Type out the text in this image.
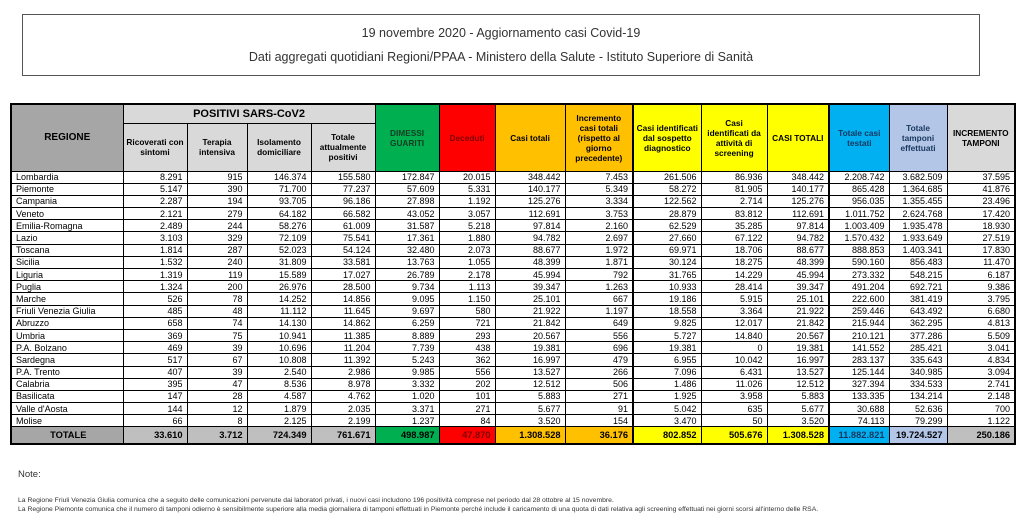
19 novembre 2020 - Aggiornamento casi Covid-19
Dati aggregati quotidiani Regioni/PPAA - Ministero della Salute - Istituto Superiore di Sanità
REGIONE	POSITIVI SARS-CoV2				DIMESSI GUARITI	Deceduti	Casi totali	Incremento casi totali (rispetto al giorno precedente)	Casi identificati dal sospetto diagnostico	Casi identificati da attività di screening	CASI TOTALI	Totale casi testati	Totale tamponi effettuati	INCREMENTO TAMPONI
	Ricoverati con sintomi	Terapia intensiva	Isolamento domiciliare	Totale attualmente positivi										
Lombardia	8.291	915	146.374	155.580	172.847	20.015	348.442	7.453	261.506	86.936	348.442	2.208.742	3.682.509	37.595
Piemonte	5.147	390	71.700	77.237	57.609	5.331	140.177	5.349	58.272	81.905	140.177	865.428	1.364.685	41.876
Campania	2.287	194	93.705	96.186	27.898	1.192	125.276	3.334	122.562	2.714	125.276	956.035	1.355.455	23.496
Veneto	2.121	279	64.182	66.582	43.052	3.057	112.691	3.753	28.879	83.812	112.691	1.011.752	2.624.768	17.420
Emilia-Romagna	2.489	244	58.276	61.009	31.587	5.218	97.814	2.160	62.529	35.285	97.814	1.003.409	1.935.478	18.930
Lazio	3.103	329	72.109	75.541	17.361	1.880	94.782	2.697	27.660	67.122	94.782	1.570.432	1.933.649	27.519
Toscana	1.814	287	52.023	54.124	32.480	2.073	88.677	1.972	69.971	18.706	88.677	888.853	1.403.341	17.830
Sicilia	1.532	240	31.809	33.581	13.763	1.055	48.399	1.871	30.124	18.275	48.399	590.160	856.483	11.470
Liguria	1.319	119	15.589	17.027	26.789	2.178	45.994	792	31.765	14.229	45.994	273.332	548.215	6.187
Puglia	1.324	200	26.976	28.500	9.734	1.113	39.347	1.263	10.933	28.414	39.347	491.204	692.721	9.386
Marche	526	78	14.252	14.856	9.095	1.150	25.101	667	19.186	5.915	25.101	222.600	381.419	3.795
Friuli Venezia Giulia	485	48	11.112	11.645	9.697	580	21.922	1.197	18.558	3.364	21.922	259.446	643.492	6.680
Abruzzo	658	74	14.130	14.862	6.259	721	21.842	649	9.825	12.017	21.842	215.944	362.295	4.813
Umbria	369	75	10.941	11.385	8.889	293	20.567	556	5.727	14.840	20.567	210.121	377.286	5.509
P.A. Bolzano	469	39	10.696	11.204	7.739	438	19.381	696	19.381	0	19.381	141.552	285.421	3.041
Sardegna	517	67	10.808	11.392	5.243	362	16.997	479	6.955	10.042	16.997	283.137	335.643	4.834
P.A. Trento	407	39	2.540	2.986	9.985	556	13.527	266	7.096	6.431	13.527	125.144	340.985	3.094
Calabria	395	47	8.536	8.978	3.332	202	12.512	506	1.486	11.026	12.512	327.394	334.533	2.741
Basilicata	147	28	4.587	4.762	1.020	101	5.883	271	1.925	3.958	5.883	133.335	134.214	2.148
Valle d'Aosta	144	12	1.879	2.035	3.371	271	5.677	91	5.042	635	5.677	30.688	52.636	700
Molise	66	8	2.125	2.199	1.237	84	3.520	154	3.470	50	3.520	74.113	79.299	1.122
TOTALE	33.610	3.712	724.349	761.671	498.987	47.870	1.308.528	36.176	802.852	505.676	1.308.528	11.882.821	19.724.527	250.186
Note:
La Regione Friuli Venezia Giulia comunica che a seguito delle comunicazioni pervenute dai laboratori privati, i nuovi casi includono 196 positività comprese nel periodo dal 28 ottobre al 15 novembre.
La Regione Piemonte comunica che il numero di tamponi odierno è sensibilmente superiore alla media giornaliera di tamponi effettuati in Piemonte perché include il caricamento di una quota di dati relativa agli screening effettuati nei giorni scorsi all'interno delle RSA.
